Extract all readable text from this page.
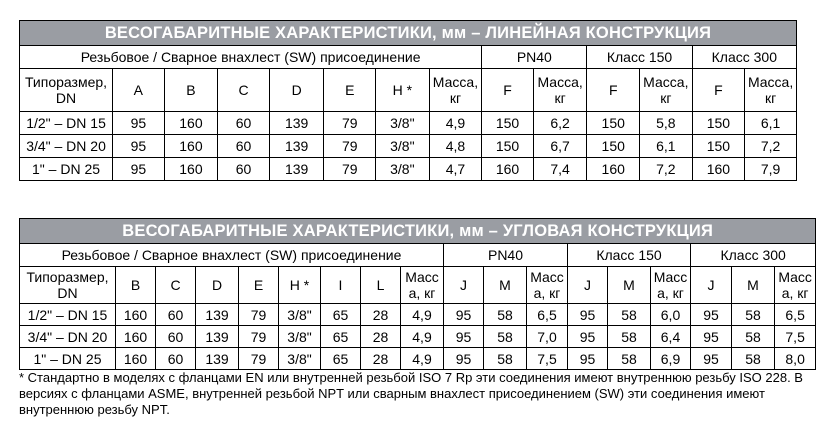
ВЕСОГАБАРИТНЫЕ ХАРАКТЕРИСТИКИ, мм – ЛИНЕЙНАЯ КОНСТРУКЦИЯ													
Резьбовое / Сварное внахлест (SW) присоединение								PN40		Класс 150		Класс 300	
Типоразмер, DN	A	B	C	D	E	H *	Масса, кг	F	Масса, кг	F	Масса, кг	F	Масса, кг
1/2" – DN 15	95	160	60	139	79	3/8"	4,9	150	6,2	150	5,8	150	6,1
3/4" – DN 20	95	160	60	139	79	3/8"	4,8	150	6,7	150	6,1	150	7,2
1" – DN 25	95	160	60	139	79	3/8"	4,7	160	7,4	160	7,2	160	7,9
ВЕСОГАБАРИТНЫЕ ХАРАКТЕРИСТИКИ, мм – УГЛОВАЯ КОНСТРУКЦИЯ																	
Резьбовое / Сварное внахлест (SW) присоединение									PN40			Класс 150			Класс 300		
Типоразмер, DN	B	C	D	E	H *	I	L	Масса, кг	J	M	Масса, кг	J	M	Масса, кг	J	M	Масса, кг
1/2" – DN 15	160	60	139	79	3/8"	65	28	4,9	95	58	6,5	95	58	6,0	95	58	6,5
3/4" – DN 20	160	60	139	79	3/8"	65	28	4,9	95	58	7,0	95	58	6,4	95	58	7,5
1" – DN 25	160	60	139	79	3/8"	65	28	4,9	95	58	7,5	95	58	6,9	95	58	8,0
* Стандартно в моделях с фланцами EN или внутренней резьбой ISO 7 Rp эти соединения имеют внутреннюю резьбу ISO 228. В версиях с фланцами ASME, внутренней резьбой NPT или сварным внахлест присоединением (SW) эти соединения имеют внутреннюю резьбу NPT.
